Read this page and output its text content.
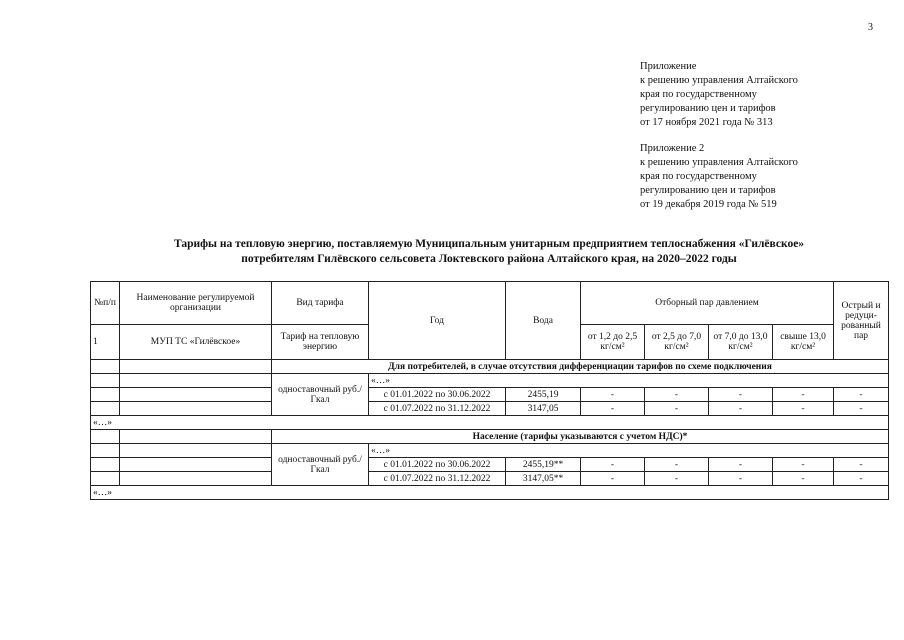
3
Приложение
к решению управления Алтайского
края по государственному
регулированию цен и тарифов
от 17 ноября 2021 года № 313
Приложение 2
к решению управления Алтайского
края по государственному
регулированию цен и тарифов
от 19 декабря 2019 года № 519
Тарифы на тепловую энергию, поставляемую Муниципальным унитарным предприятием теплоснабжения «Гилёвское»
потребителям Гилёвского сельсовета Локтевского района Алтайского края, на 2020–2022 годы
№п/п	Наименование регулируемой организации	Вид тарифа	Год	Вода	Отборный пар давлением				Острый и редуци-рованный пар
1	МУП ТС «Гилёвское»	Тариф на тепловую энергию			от 1,2 до 2,5 кг/см²	от 2,5 до 7,0 кг/см²	от 7,0 до 13,0 кг/см²	свыше 13,0 кг/см²	
		Для потребителей, в случае отсутствия дифференциации тарифов по схеме подключения							
		одноставочный руб./Гкал	«…»						
			с 01.01.2022 по 30.06.2022	2455,19	-	-	-	-	-
			с 01.07.2022 по 31.12.2022	3147,05	-	-	-	-	-
«…»									
		Население (тарифы указываются с учетом НДС)*							
		одноставочный руб./Гкал	«…»						
			с 01.01.2022 по 30.06.2022	2455,19**	-	-	-	-	-
			с 01.07.2022 по 31.12.2022	3147,05**	-	-	-	-	-
«…»									
